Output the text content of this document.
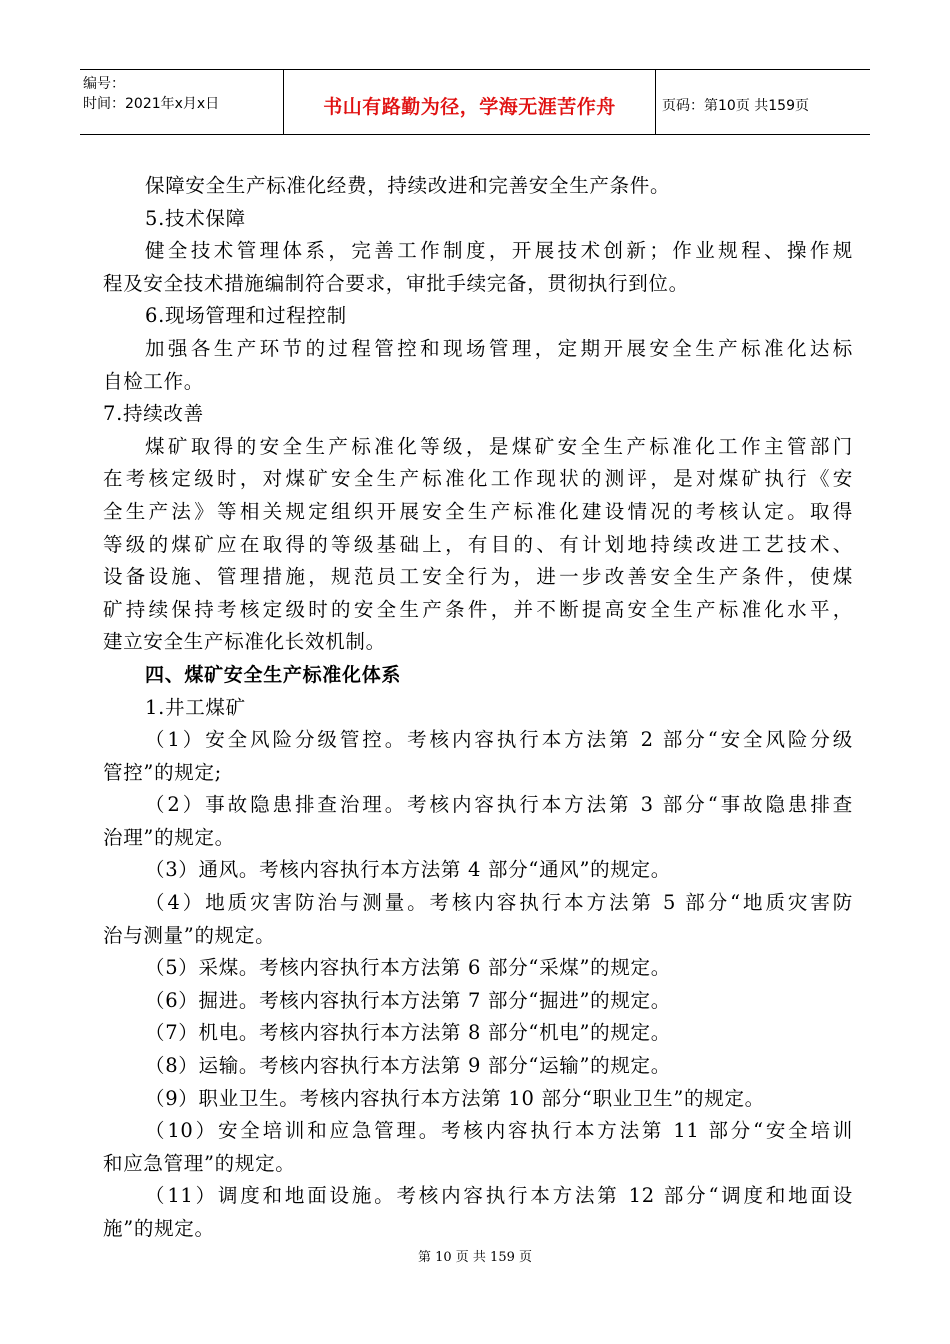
编号：
时间：2021年x月x日	书山有路勤为径，学海无涯苦作舟	页码：第10页 共159页
保障安全生产标准化经费，持续改进和完善安全生产条件。
5.技术保障
健全技术管理体系，完善工作制度，开展技术创新；作业规程、操作规
程及安全技术措施编制符合要求，审批手续完备，贯彻执行到位。
6.现场管理和过程控制
加强各生产环节的过程管控和现场管理，定期开展安全生产标准化达标
自检工作。
7.持续改善
煤矿取得的安全生产标准化等级，是煤矿安全生产标准化工作主管部门
在考核定级时，对煤矿安全生产标准化工作现状的测评，是对煤矿执行《安
全生产法》等相关规定组织开展安全生产标准化建设情况的考核认定。取得
等级的煤矿应在取得的等级基础上，有目的、有计划地持续改进工艺技术、
设备设施、管理措施，规范员工安全行为，进一步改善安全生产条件，使煤
矿持续保持考核定级时的安全生产条件，并不断提高安全生产标准化水平，
建立安全生产标准化长效机制。
四、煤矿安全生产标准化体系
1.井工煤矿
（1）安全风险分级管控。考核内容执行本方法第 2 部分“安全风险分级
管控”的规定;
（2）事故隐患排查治理。考核内容执行本方法第 3 部分“事故隐患排查
治理”的规定。
（3）通风。考核内容执行本方法第 4 部分“通风”的规定。
（4）地质灾害防治与测量。考核内容执行本方法第 5 部分“地质灾害防
治与测量”的规定。
（5）采煤。考核内容执行本方法第 6 部分“采煤”的规定。
（6）掘进。考核内容执行本方法第 7 部分“掘进”的规定。
（7）机电。考核内容执行本方法第 8 部分“机电”的规定。
（8）运输。考核内容执行本方法第 9 部分“运输”的规定。
（9）职业卫生。考核内容执行本方法第 10 部分“职业卫生”的规定。
（10）安全培训和应急管理。考核内容执行本方法第 11 部分“安全培训
和应急管理”的规定。
（11）调度和地面设施。考核内容执行本方法第 12 部分“调度和地面设
施”的规定。
第 10 页 共 159 页
